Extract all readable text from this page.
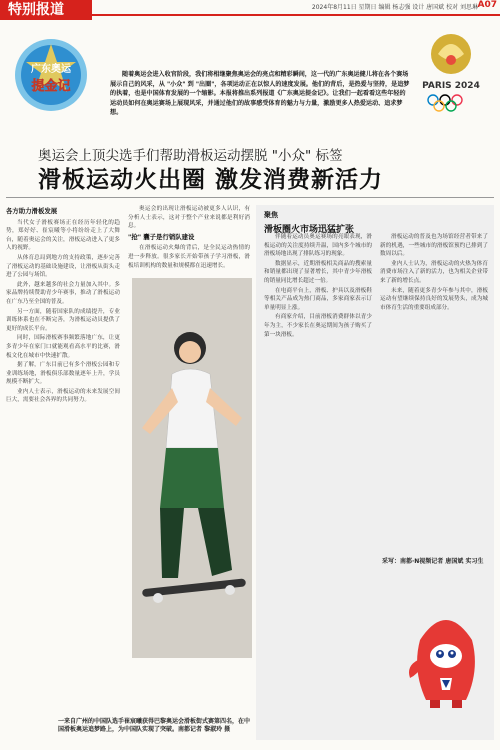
特别报道	2024年8月11日 星期日 编辑 杨志强 设计 唐国斌 校对 刘思琳 A07
广东奥运
提金记	PARIS 2024
随着奥运会进入收官阶段，我们将相继聚焦奥运会的亮点和精彩瞬间，这一代的广东奥运健儿将在各个赛场展示自己的风采，从 "小众" 到 "出圈"，各项运动正在以惊人的速度发展。他们的背后，是热爱与坚持，是追梦的执着，也是中国体育发展的一个缩影。本报将推出系列报道《广东奥运提金记》。让我们一起看看这些年轻的运动员如何在奥运赛场上展现风采，并通过他们的故事感受体育的魅力与力量，激励更多人热爱运动、追求梦想。
奥运会上顶尖选手们帮助滑板运动摆脱 "小众" 标签
滑板运动火出圈 激发消费新活力
各方助力滑板发展

当代女子滑板赛场正在经历年轻化的趋势，郑好好、崔宸曦等小将纷纷走上了大舞台，随着奥运会的关注，滑板运动进入了更多人的视野。

从体育总局到地方的支持政策，逐步完善了滑板运动的基础设施建设，让滑板从街头走进了公园与场馆。

此外，越来越多的社会力量加入其中。多家品牌持续赞助青少年赛事，推动了滑板运动在广东乃至全国的普及。

另一方面，随着国家队的成绩提升，专业训练体系也在不断完善，为滑板运动员提供了更好的成长平台。

同时，国际滑板赛事频繁落地广东，让更多青少年在家门口就能观看高水平的比赛，滑板文化在城市中快速扩散。

据了解，广东目前已有多个滑板公园和专业训练场地，滑板俱乐部数量逐年上升，学员规模不断扩大。

业内人士表示，滑板运动的未来发展空间巨大，需要社会各界的共同努力。

奥运会的出现让滑板运动被更多人认识，有分析人士表示，这对于整个产业来说都是利好消息。

"抢" 囊子是行销队建设

在滑板运动火爆的背后，是全民运动热情的进一步释放。很多家长开始带孩子学习滑板，滑板培训机构的数量和规模都在迅速增长。

一来自广州的中国队选手崔宸曦获得巴黎奥运会滑板街式赛第四名，在中国滑板奥运追梦路上，为中国队实现了突破。南都记者 黎淑玲 摄
聚焦
滑板圈火市场迅猛扩张

伴随着运动员奥运赛场的亮眼表现，滑板运动的关注度持续升温，国内多个城市的滑板场地出现了排队练习的现象。

数据显示，近期滑板相关商品的搜索量和销量都出现了显著增长，其中青少年滑板的销量同比增长超过一倍。

在电商平台上，滑板、护具以及滑板鞋等相关产品成为热门商品，多家商家表示订单量明显上涨。

有商家介绍，目前滑板消费群体以青少年为主，不少家长在奥运期间为孩子购买了第一块滑板。

滑板运动的普及也为场馆经营者带来了新的机遇，一些城市的滑板馆预约已排到了数周以后。

业内人士认为，滑板运动的火热为体育消费市场注入了新的活力，也为相关企业带来了新的增长点。

未来，随着更多青少年参与其中，滑板运动有望继续保持良好的发展势头，成为城市体育生活的重要组成部分。

采写：南都·N视频记者 唐国斌 实习生
